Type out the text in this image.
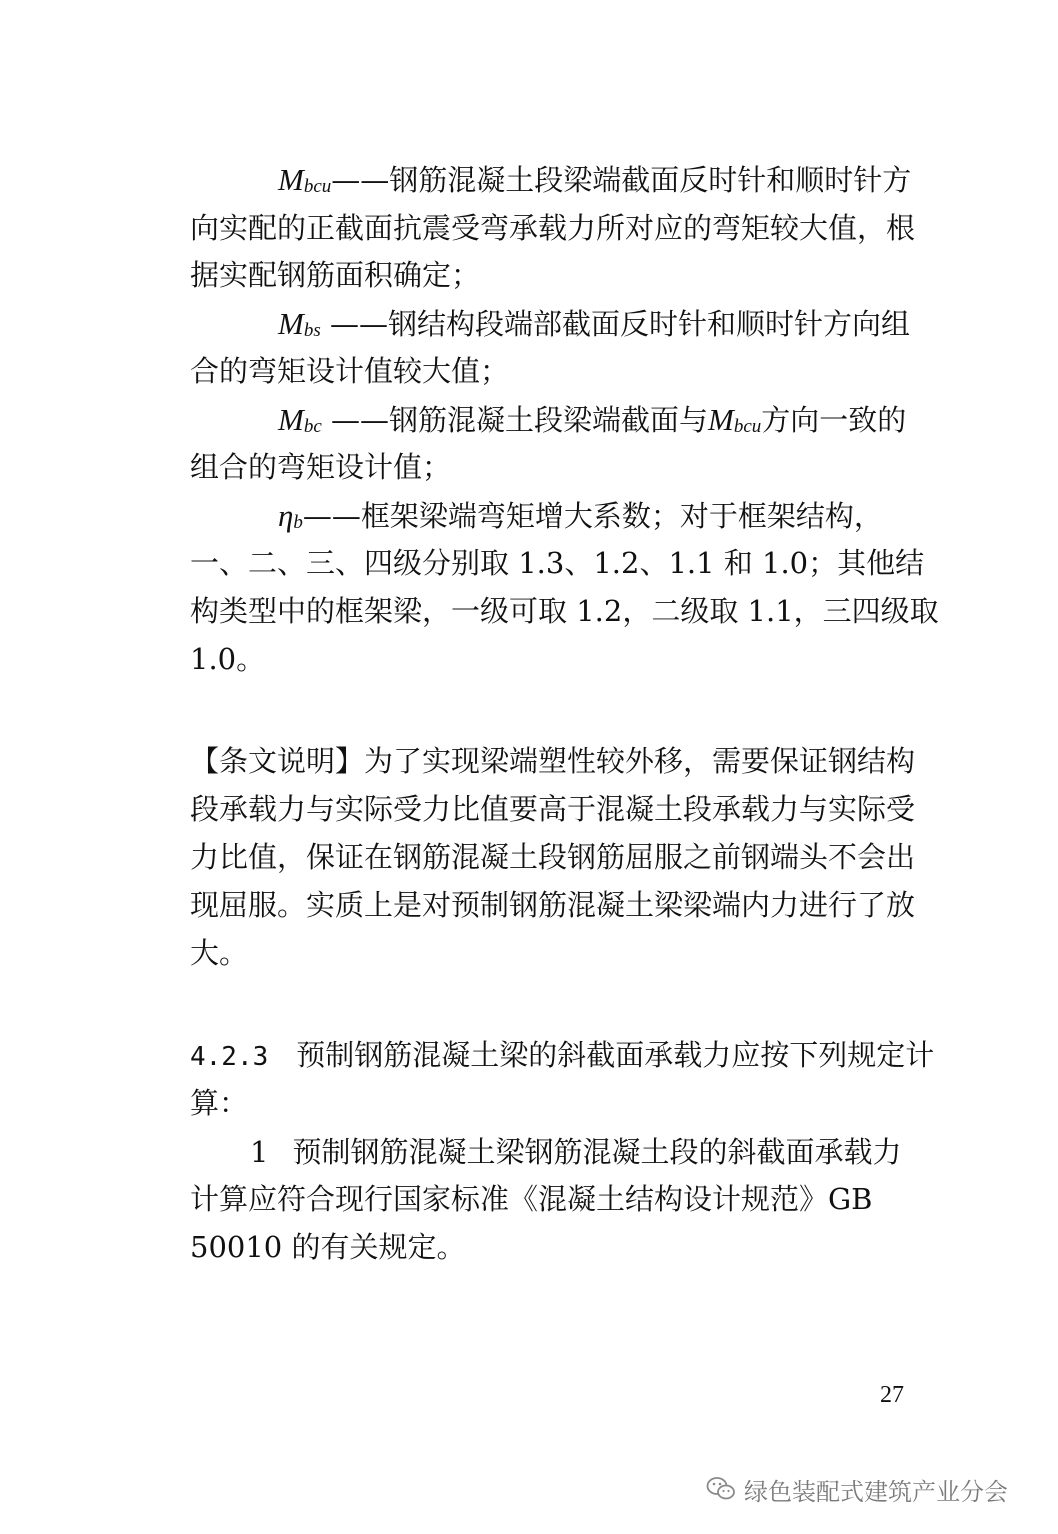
$M_{bcu}——$钢筋混凝土段梁端截面反时针和顺时针方
向实配的正截面抗震受弯承载力所对应的弯矩较大值，根
据实配钢筋面积确定；
$M_{bs}$ ——钢结构段端部截面反时针和顺时针方向组
合的弯矩设计值较大值；
$M_{bc}$ ——钢筋混凝土段梁端截面与$M_{bcu}$方向一致的
组合的弯矩设计值；
$\eta_b——$框架梁端弯矩增大系数；对于框架结构，
一、二、三、四级分别取 1.3、1.2、1.1 和 1.0；其他结
构类型中的框架梁，一级可取 1.2，二级取 1.1，三四级取
1.0。
【条文说明】为了实现梁端塑性较外移，需要保证钢结构
段承载力与实际受力比值要高于混凝土段承载力与实际受
力比值，保证在钢筋混凝土段钢筋屈服之前钢端头不会出
现屈服。实质上是对预制钢筋混凝土梁梁端内力进行了放
大。
4.2.3 预制钢筋混凝土梁的斜截面承载力应按下列规定计
算：
1 预制钢筋混凝土梁钢筋混凝土段的斜截面承载力
计算应符合现行国家标准《混凝土结构设计规范》GB
50010 的有关规定。
27
绿色装配式建筑产业分会
